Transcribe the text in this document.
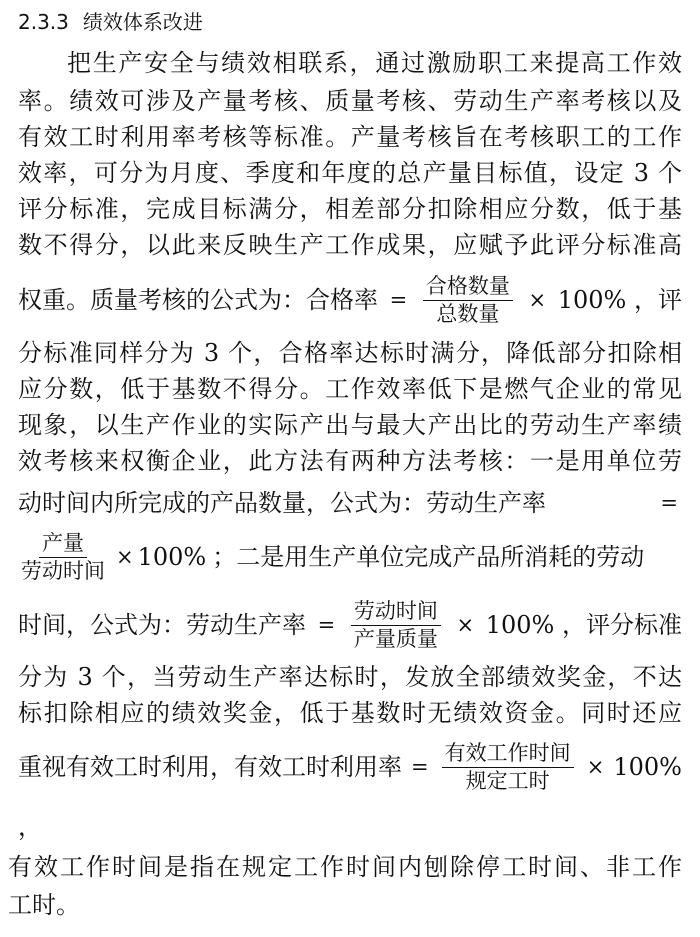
2.3.3 绩效体系改进
把生产安全与绩效相联系，通过激励职工来提高工作效
率。绩效可涉及产量考核、质量考核、劳动生产率考核以及
有效工时利用率考核等标准。产量考核旨在考核职工的工作
效率，可分为月度、季度和年度的总产量目标值，设定 3 个
评分标准，完成目标满分，相差部分扣除相应分数，低于基
数不得分，以此来反映生产工作成果，应赋予此评分标准高
权重。质量考核的公式为：合格率 = $\frac{\text{合格数量}}{\text{总数量}} \times 100\%$ ，评
分标准同样分为 3 个，合格率达标时满分，降低部分扣除相
应分数，低于基数不得分。工作效率低下是燃气企业的常见
现象，以生产作业的实际产出与最大产出比的劳动生产率绩
效考核来权衡企业，此方法有两种方法考核：一是用单位劳
动时间内所完成的产品数量，公式为：劳动生产率	=
$\frac{\text{产量}}{\text{劳动时间}} \times 100\%$ ；二是用生产单位完成产品所消耗的劳动
时间，公式为：劳动生产率 = $\frac{\text{劳动时间}}{\text{产量质量}} \times 100\%$ ，评分标准
分为 3 个，当劳动生产率达标时，发放全部绩效奖金，不达
标扣除相应的绩效奖金，低于基数时无绩效资金。同时还应
重视有效工时利用，有效工时利用率 = $\frac{\text{有效工作时间}}{\text{规定工时}} \times 100\%$
，
有效工作时间是指在规定工作时间内刨除停工时间、非工作
工时。
